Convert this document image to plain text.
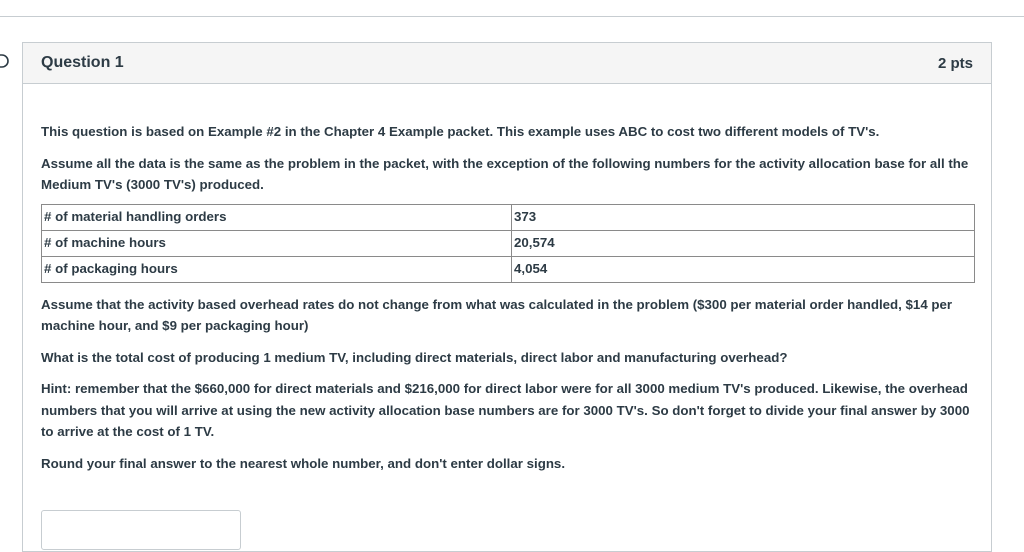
Question 1	2 pts

This question is based on Example #2 in the Chapter 4 Example packet. This example uses ABC to cost two different models of TV's.

Assume all the data is the same as the problem in the packet, with the exception of the following numbers for the activity allocation base for all the Medium TV's (3000 TV's) produced.

# of material handling orders	373
# of machine hours	20,574
# of packaging hours	4,054

Assume that the activity based overhead rates do not change from what was calculated in the problem ($300 per material order handled, $14 per machine hour, and $9 per packaging hour)

What is the total cost of producing 1 medium TV, including direct materials, direct labor and manufacturing overhead?

Hint: remember that the $660,000 for direct materials and $216,000 for direct labor were for all 3000 medium TV's produced. Likewise, the overhead numbers that you will arrive at using the new activity allocation base numbers are for 3000 TV's. So don't forget to divide your final answer by 3000 to arrive at the cost of 1 TV.

Round your final answer to the nearest whole number, and don't enter dollar signs.
